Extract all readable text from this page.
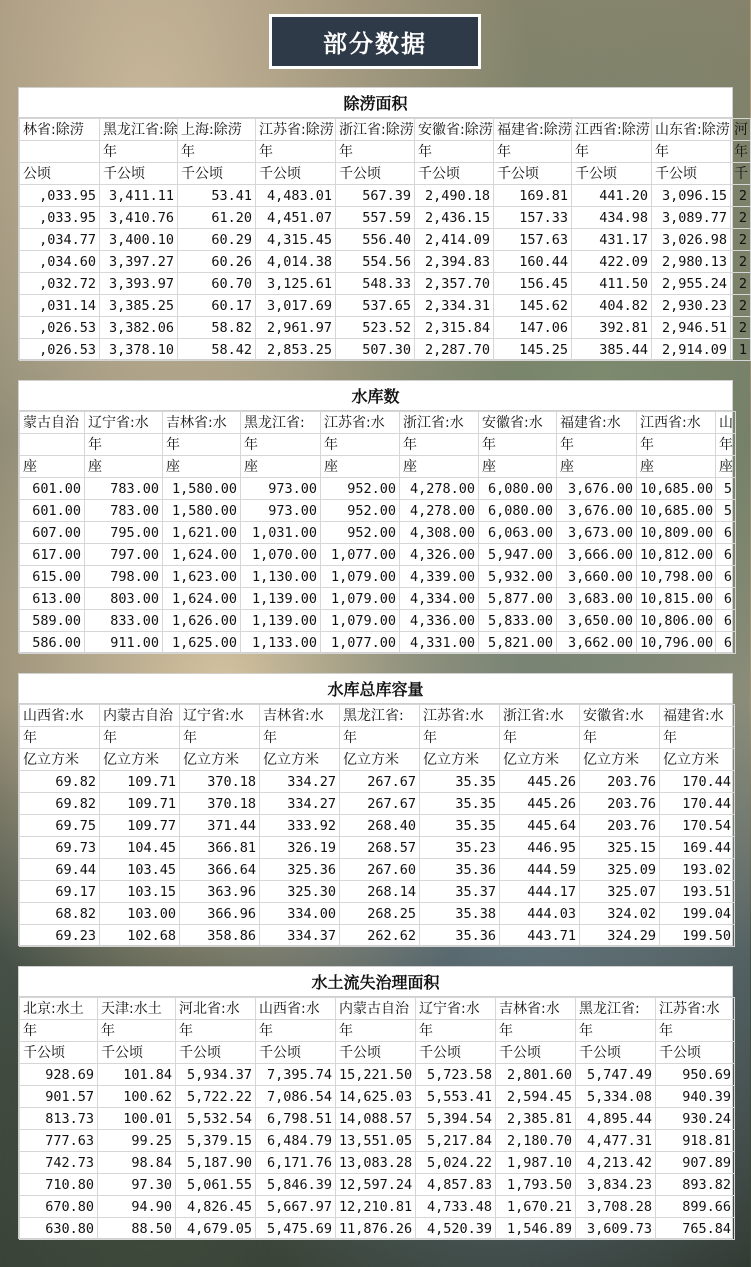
部分数据
除涝面积
林省:除涝	黑龙江省:除	上海:除涝	江苏省:除涝	浙江省:除涝	安徽省:除涝	福建省:除涝	江西省:除涝	山东省:除涝	河
	年	年	年	年	年	年	年	年	年
公顷	千公顷	千公顷	千公顷	千公顷	千公顷	千公顷	千公顷	千公顷	千
,033.95	3,411.11	53.41	4,483.01	567.39	2,490.18	169.81	441.20	3,096.15	2
,033.95	3,410.76	61.20	4,451.07	557.59	2,436.15	157.33	434.98	3,089.77	2
,034.77	3,400.10	60.29	4,315.45	556.40	2,414.09	157.63	431.17	3,026.98	2
,034.60	3,397.27	60.26	4,014.38	554.56	2,394.83	160.44	422.09	2,980.13	2
,032.72	3,393.97	60.70	3,125.61	548.33	2,357.70	156.45	411.50	2,955.24	2
,031.14	3,385.25	60.17	3,017.69	537.65	2,334.31	145.62	404.82	2,930.23	2
,026.53	3,382.06	58.82	2,961.97	523.52	2,315.84	147.06	392.81	2,946.51	2
,026.53	3,378.10	58.42	2,853.25	507.30	2,287.70	145.25	385.44	2,914.09	1
水库数
蒙古自治	辽宁省:水	吉林省:水	黑龙江省:	江苏省:水	浙江省:水	安徽省:水	福建省:水	江西省:水	山
	年	年	年	年	年	年	年	年	年
座	座	座	座	座	座	座	座	座	座
601.00	783.00	1,580.00	973.00	952.00	4,278.00	6,080.00	3,676.00	10,685.00	5
601.00	783.00	1,580.00	973.00	952.00	4,278.00	6,080.00	3,676.00	10,685.00	5
607.00	795.00	1,621.00	1,031.00	952.00	4,308.00	6,063.00	3,673.00	10,809.00	6
617.00	797.00	1,624.00	1,070.00	1,077.00	4,326.00	5,947.00	3,666.00	10,812.00	6
615.00	798.00	1,623.00	1,130.00	1,079.00	4,339.00	5,932.00	3,660.00	10,798.00	6
613.00	803.00	1,624.00	1,139.00	1,079.00	4,334.00	5,877.00	3,683.00	10,815.00	6
589.00	833.00	1,626.00	1,139.00	1,079.00	4,336.00	5,833.00	3,650.00	10,806.00	6
586.00	911.00	1,625.00	1,133.00	1,077.00	4,331.00	5,821.00	3,662.00	10,796.00	6
水库总库容量
山西省:水	内蒙古自治	辽宁省:水	吉林省:水	黑龙江省:	江苏省:水	浙江省:水	安徽省:水	福建省:水
年	年	年	年	年	年	年	年	年
亿立方米	亿立方米	亿立方米	亿立方米	亿立方米	亿立方米	亿立方米	亿立方米	亿立方米
69.82	109.71	370.18	334.27	267.67	35.35	445.26	203.76	170.44
69.82	109.71	370.18	334.27	267.67	35.35	445.26	203.76	170.44
69.75	109.77	371.44	333.92	268.40	35.35	445.64	203.76	170.54
69.73	104.45	366.81	326.19	268.57	35.23	446.95	325.15	169.44
69.44	103.45	366.64	325.36	267.60	35.36	444.59	325.09	193.02
69.17	103.15	363.96	325.30	268.14	35.37	444.17	325.07	193.51
68.82	103.00	366.96	334.00	268.25	35.38	444.03	324.02	199.04
69.23	102.68	358.86	334.37	262.62	35.36	443.71	324.29	199.50
水土流失治理面积
北京:水土	天津:水土	河北省:水	山西省:水	内蒙古自治	辽宁省:水	吉林省:水	黑龙江省:	江苏省:水
年	年	年	年	年	年	年	年	年
千公顷	千公顷	千公顷	千公顷	千公顷	千公顷	千公顷	千公顷	千公顷
928.69	101.84	5,934.37	7,395.74	15,221.50	5,723.58	2,801.60	5,747.49	950.69
901.57	100.62	5,722.22	7,086.54	14,625.03	5,553.41	2,594.45	5,334.08	940.39
813.73	100.01	5,532.54	6,798.51	14,088.57	5,394.54	2,385.81	4,895.44	930.24
777.63	99.25	5,379.15	6,484.79	13,551.05	5,217.84	2,180.70	4,477.31	918.81
742.73	98.84	5,187.90	6,171.76	13,083.28	5,024.22	1,987.10	4,213.42	907.89
710.80	97.30	5,061.55	5,846.39	12,597.24	4,857.83	1,793.50	3,834.23	893.82
670.80	94.90	4,826.45	5,667.97	12,210.81	4,733.48	1,670.21	3,708.28	899.66
630.80	88.50	4,679.05	5,475.69	11,876.26	4,520.39	1,546.89	3,609.73	765.84
